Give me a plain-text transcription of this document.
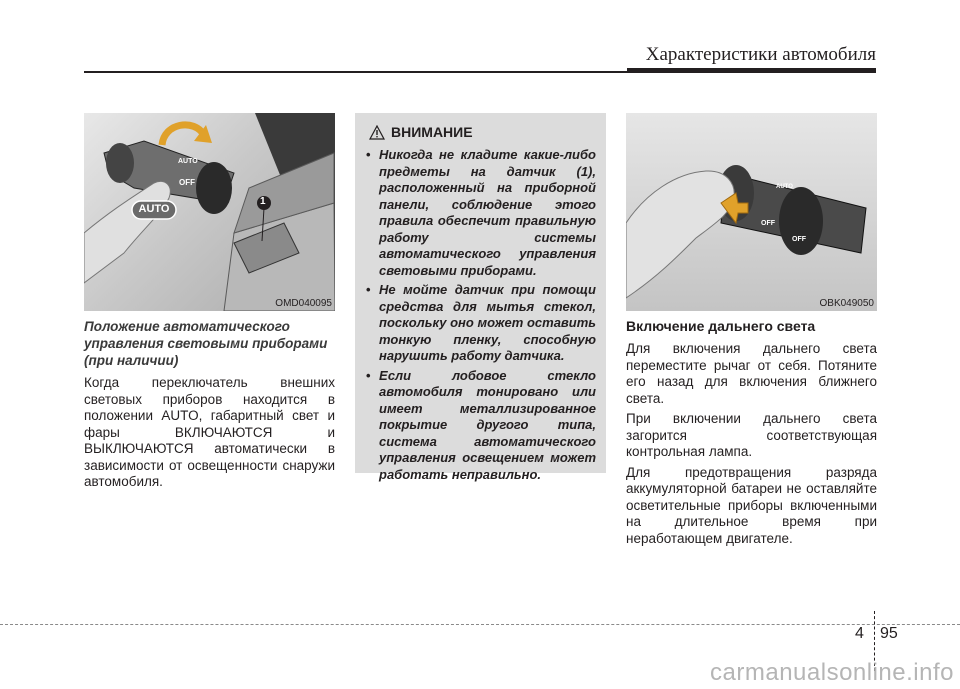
Характеристики автомобиля
OFF
AUTO
AUTO
1
OMD040095
Положение автоматического управления световыми приборами (при наличии)

Когда переключатель внешних световых приборов находится в положении AUTO, габаритный свет и фары ВКЛЮЧАЮТСЯ и ВЫКЛЮЧАЮТСЯ автоматически в зависимости от освещенности снаружи автомобиля.

ВНИМАНИЕ
• Никогда не кладите какие-либо предметы на датчик (1), расположенный на приборной панели, соблюдение этого правила обеспечит правильную работу системы автоматического управления световыми приборами.
• Не мойте датчик при помощи средства для мытья стекол, поскольку оно может оставить тонкую пленку, способную нарушить работу датчика.
• Если лобовое стекло автомобиля тонировано или имеет металлизированное покрытие другого типа, система автоматического управления освещением может работать неправильно.
OFF
OFF
AUTO
OBK049050
Включение дальнего света

Для включения дальнего света переместите рычаг от себя. Потяните его назад для включения ближнего света.

При включении дальнего света загорится соответствующая контрольная лампа.

Для предотвращения разряда аккумуляторной батареи не оставляйте осветительные приборы включенными на длительное время при неработающем двигателе.

4 95
carmanualsonline.info
